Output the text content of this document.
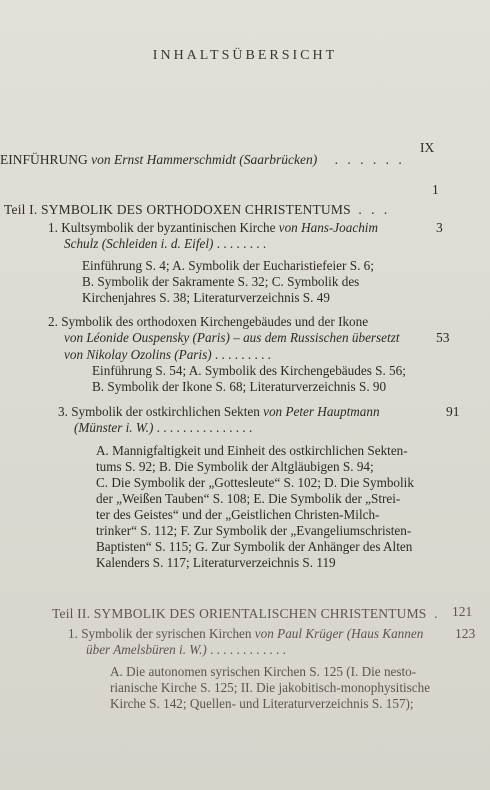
INHALTSÜBERSICHT
EINFÜHRUNG von Ernst Hammerschmidt (Saarbrücken) . . . . . .
IX
Teil I. SYMBOLIK DES ORTHODOXEN CHRISTENTUMS . . .
1
1. Kultsymbolik der byzantinischen Kirche von Hans-Joachim
Schulz (Schleiden i. d. Eifel) . . . . . . . .
Einführung S. 4; A. Symbolik der Eucharistiefeier S. 6;
B. Symbolik der Sakramente S. 32; C. Symbolik des
Kirchenjahres S. 38; Literaturverzeichnis S. 49
3
2. Symbolik des orthodoxen Kirchengebäudes und der Ikone
von Léonide Ouspensky (Paris) – aus dem Russischen übersetzt
von Nikolay Ozolins (Paris) . . . . . . . . .
Einführung S. 54; A. Symbolik des Kirchengebäudes S. 56;
B. Symbolik der Ikone S. 68; Literaturverzeichnis S. 90
53
3. Symbolik der ostkirchlichen Sekten von Peter Hauptmann
(Münster i. W.) . . . . . . . . . . . . . . .
A. Mannigfaltigkeit und Einheit des ostkirchlichen Sekten-
tums S. 92; B. Die Symbolik der Altgläubigen S. 94;
C. Die Symbolik der „Gottesleute“ S. 102; D. Die Symbolik
der „Weißen Tauben“ S. 108; E. Die Symbolik der „Strei-
ter des Geistes“ und der „Geistlichen Christen-Milch-
trinker“ S. 112; F. Zur Symbolik der „Evangeliumschristen-
Baptisten“ S. 115; G. Zur Symbolik der Anhänger des Alten
Kalenders S. 117; Literaturverzeichnis S. 119
91
Teil II. SYMBOLIK DES ORIENTALISCHEN CHRISTENTUMS . 121
1. Symbolik der syrischen Kirchen von Paul Krüger (Haus Kannen
über Amelsbüren i. W.) . . . . . . . . . . . .
A. Die autonomen syrischen Kirchen S. 125 (I. Die nesto-
rianische Kirche S. 125; II. Die jakobitisch-monophysitische
Kirche S. 142; Quellen- und Literaturverzeichnis S. 157);
123
